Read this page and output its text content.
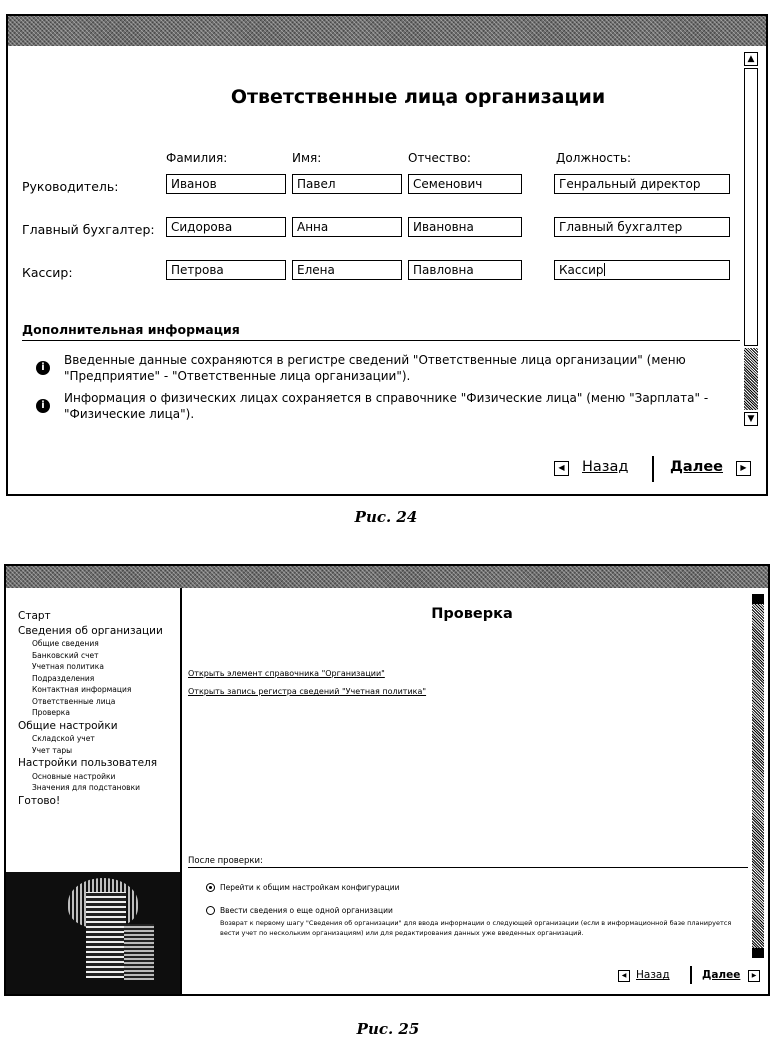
Ответственные лица организации
Фамилия:	Имя:	Отчество:	Должность:
Руководитель:	Иванов	Павел	Семенович	Генральный директор
Главный бухгалтер:	Сидорова	Анна	Ивановна	Главный бухгалтер
Кассир:	Петрова	Елена	Павловна	Кассир
Дополнительная информация
i
Введенные данные сохраняются в регистре сведений "Ответственные лица организации" (меню "Предприятие" - "Ответственные лица организации").
i
Информация о физических лицах сохраняется в справочнике "Физические лица" (меню "Зарплата" - "Физические лица").
▲
▼
◀	Назад	Далее	▶
Рис. 24
Старт
Сведения об организации
Общие сведения
Банковский счет
Учетная политика
Подразделения
Контактная информация
Ответственные лица
Проверка
Общие настройки
Складской учет
Учет тары
Настройки пользователя
Основные настройки
Значения для подстановки
Готово!
Проверка
Открыть элемент справочника "Организации"
Открыть запись регистра сведений "Учетная политика"
После проверки:
Перейти к общим настройкам конфигурации
Ввести сведения о еще одной организации
Возврат к первому шагу "Сведения об организации" для ввода информации о следующей организации (если в информационной базе планируется вести учет по нескольким организациям) или для редактирования данных уже введенных организаций.
◀ Назад	Далее	▶
Рис. 25
